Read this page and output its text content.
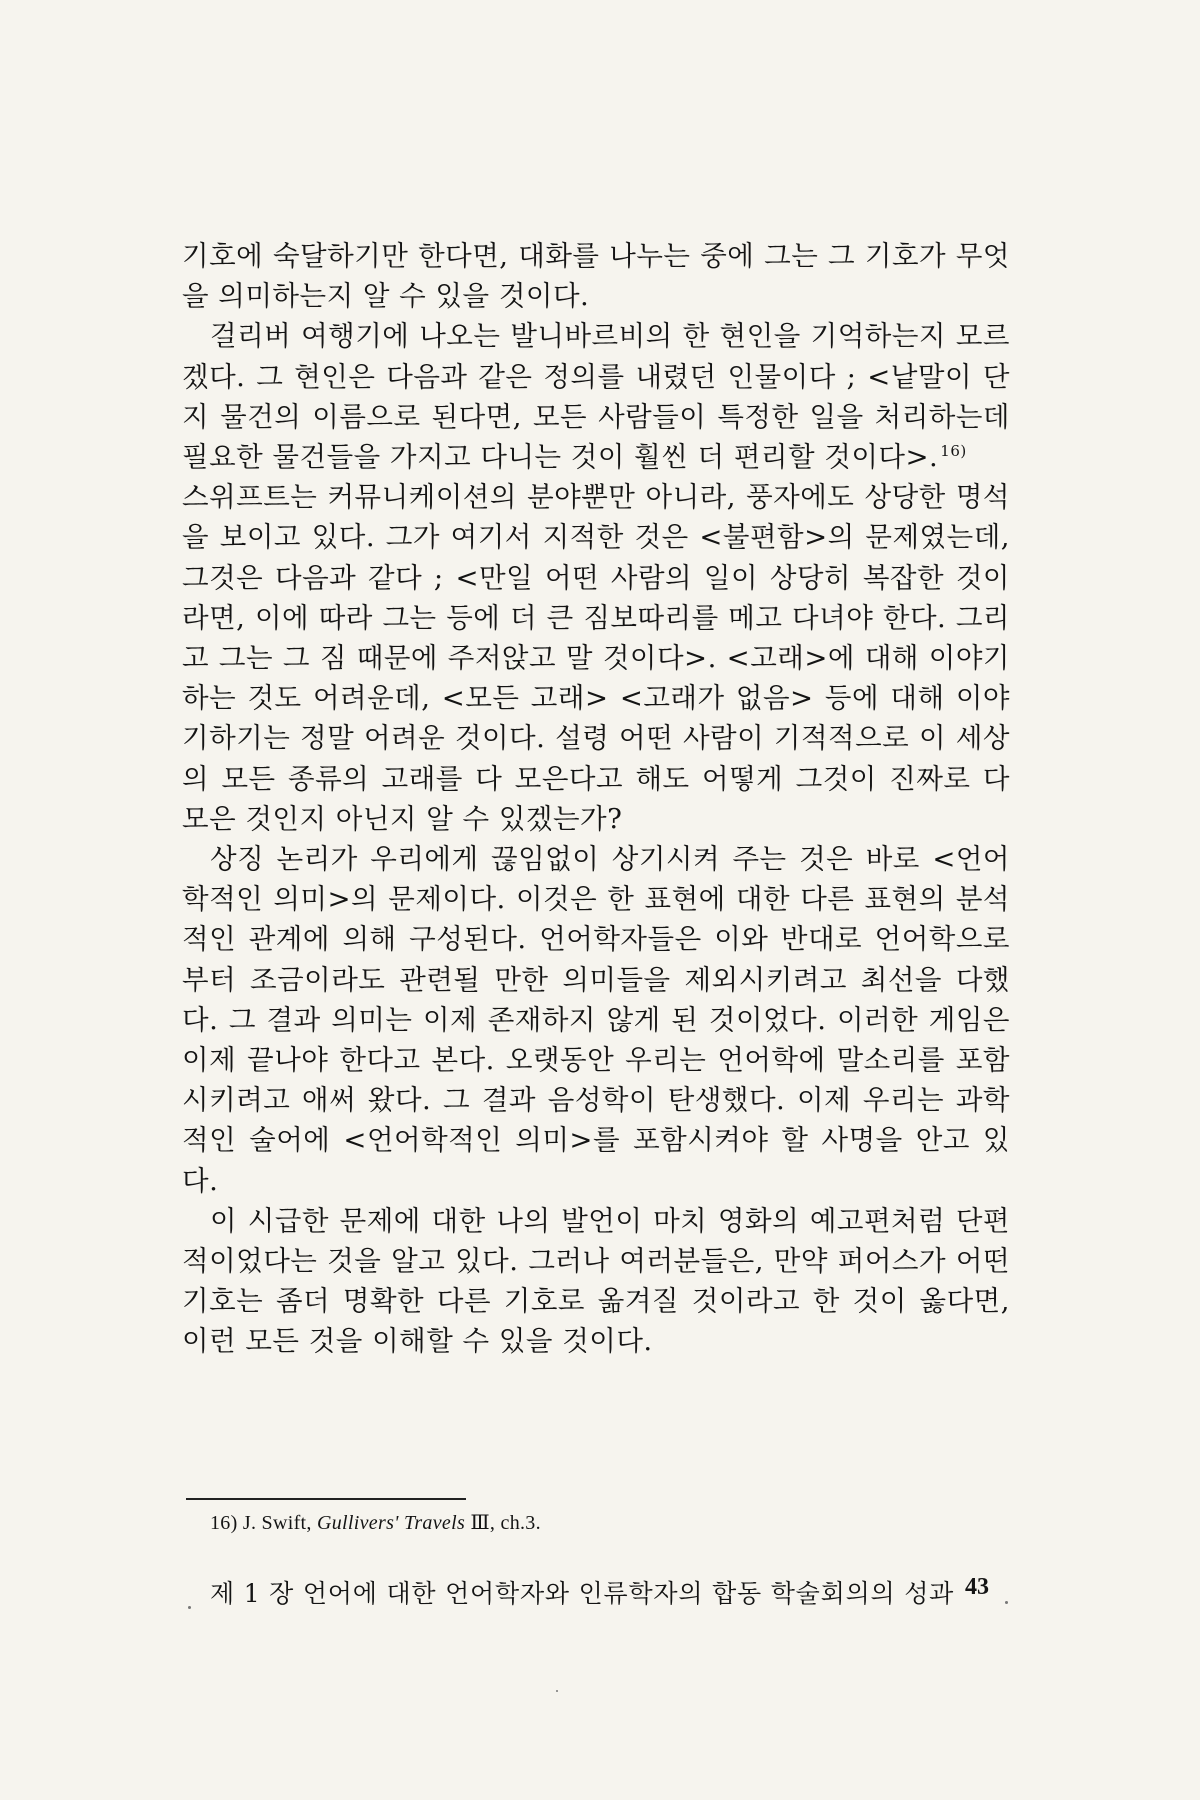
기호에 숙달하기만 한다면, 대화를 나누는 중에 그는 그 기호가 무엇을 의미하는지 알 수 있을 것이다.

걸리버 여행기에 나오는 발니바르비의 한 현인을 기억하는지 모르겠다. 그 현인은 다음과 같은 정의를 내렸던 인물이다 ; <낱말이 단지 물건의 이름으로 된다면, 모든 사람들이 특정한 일을 처리하는데 필요한 물건들을 가지고 다니는 것이 훨씬 더 편리할 것이다>. $^{16)}$

스위프트는 커뮤니케이션의 분야뿐만 아니라, 풍자에도 상당한 명석을 보이고 있다. 그가 여기서 지적한 것은 <불편함>의 문제였는데, 그것은 다음과 같다 ; <만일 어떤 사람의 일이 상당히 복잡한 것이라면, 이에 따라 그는 등에 더 큰 짐보따리를 메고 다녀야 한다. 그리고 그는 그 짐 때문에 주저앉고 말 것이다>. <고래>에 대해 이야기하는 것도 어려운데, <모든 고래> <고래가 없음> 등에 대해 이야기하기는 정말 어려운 것이다. 설령 어떤 사람이 기적적으로 이 세상의 모든 종류의 고래를 다 모은다고 해도 어떻게 그것이 진짜로 다 모은 것인지 아닌지 알 수 있겠는가?

상징 논리가 우리에게 끊임없이 상기시켜 주는 것은 바로 <언어학적인 의미>의 문제이다. 이것은 한 표현에 대한 다른 표현의 분석적인 관계에 의해 구성된다. 언어학자들은 이와 반대로 언어학으로부터 조금이라도 관련될 만한 의미들을 제외시키려고 최선을 다했다. 그 결과 의미는 이제 존재하지 않게 된 것이었다. 이러한 게임은 이제 끝나야 한다고 본다. 오랫동안 우리는 언어학에 말소리를 포함시키려고 애써 왔다. 그 결과 음성학이 탄생했다. 이제 우리는 과학적인 술어에 <언어학적인 의미>를 포함시켜야 할 사명을 안고 있다.

이 시급한 문제에 대한 나의 발언이 마치 영화의 예고편처럼 단편적이었다는 것을 알고 있다. 그러나 여러분들은, 만약 퍼어스가 어떤 기호는 좀더 명확한 다른 기호로 옮겨질 것이라고 한 것이 옳다면, 이런 모든 것을 이해할 수 있을 것이다.

16) J. Swift, Gullivers' Travels Ⅲ, ch.3.
제 1 장 언어에 대한 언어학자와 인류학자의 합동 학술회의의 성과 43
